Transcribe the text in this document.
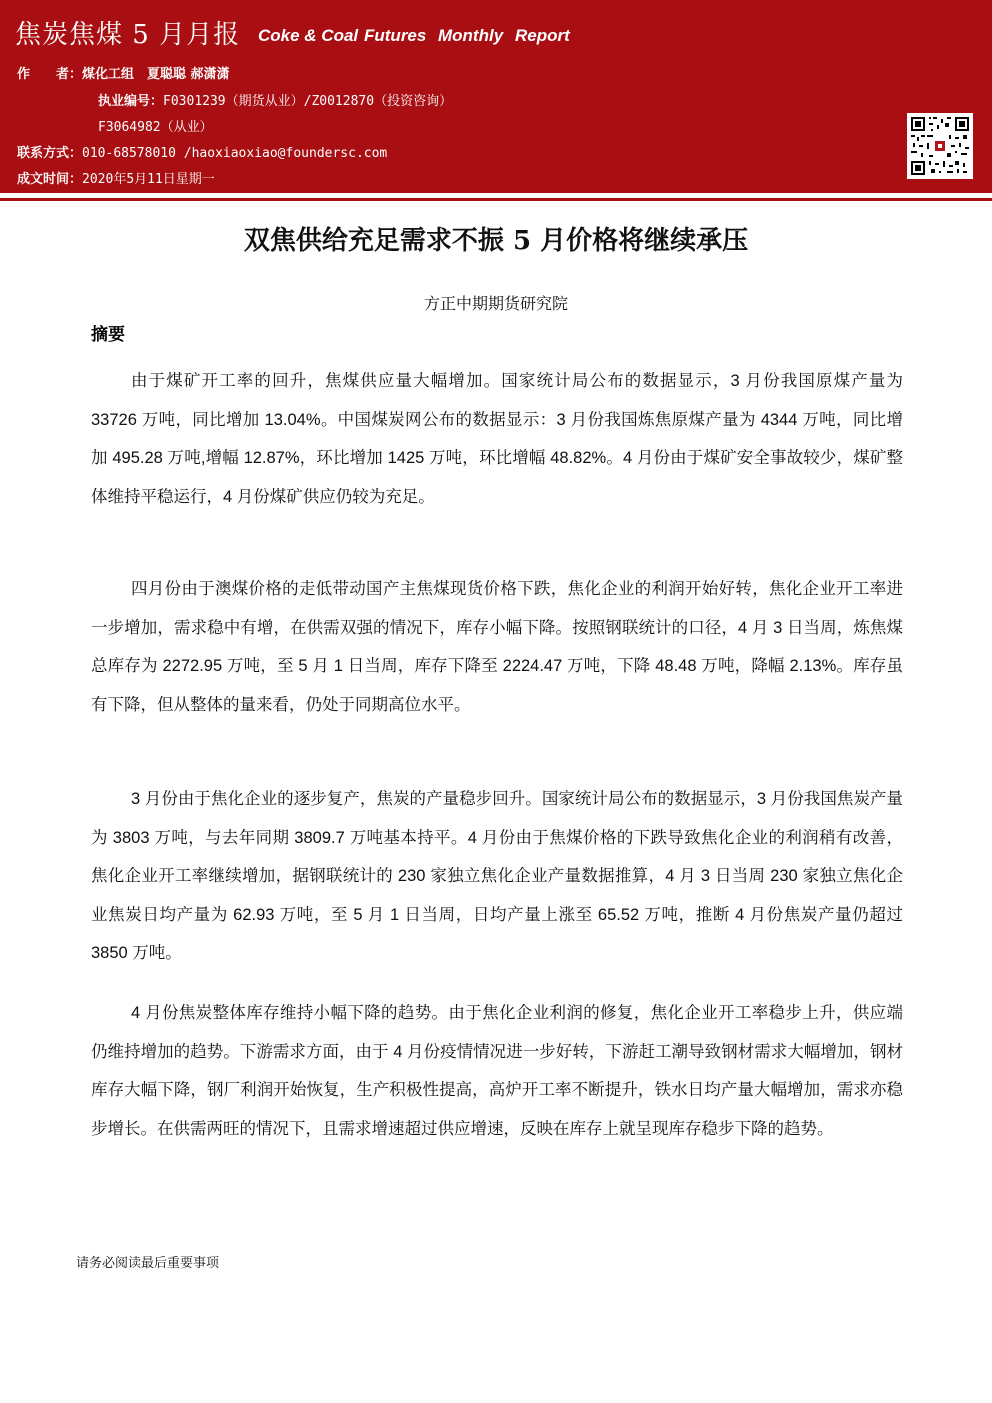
焦炭焦煤 5 月月报 Coke & Coal Futures Monthly Report
作　　者：煤化工组　夏聪聪 郝潇潇
执业编号：F0301239（期货从业）/Z0012870（投资咨询）
F3064982（从业）
联系方式：010-68578010 /haoxiaoxiao@foundersc.com
成文时间：2020年5月11日星期一
双焦供给充足需求不振 5 月价格将继续承压
方正中期期货研究院
摘要

由于煤矿开工率的回升，焦煤供应量大幅增加。国家统计局公布的数据显示，3 月份我国原煤产量为 33726 万吨，同比增加 13.04%。中国煤炭网公布的数据显示：3 月份我国炼焦原煤产量为 4344 万吨，同比增加 495.28 万吨,增幅 12.87%，环比增加 1425 万吨，环比增幅 48.82%。4 月份由于煤矿安全事故较少，煤矿整体维持平稳运行，4 月份煤矿供应仍较为充足。

四月份由于澳煤价格的走低带动国产主焦煤现货价格下跌，焦化企业的利润开始好转，焦化企业开工率进一步增加，需求稳中有增，在供需双强的情况下，库存小幅下降。按照钢联统计的口径，4 月 3 日当周，炼焦煤总库存为 2272.95 万吨，至 5 月 1 日当周，库存下降至 2224.47 万吨，下降 48.48 万吨，降幅 2.13%。库存虽有下降，但从整体的量来看，仍处于同期高位水平。

3 月份由于焦化企业的逐步复产，焦炭的产量稳步回升。国家统计局公布的数据显示，3 月份我国焦炭产量为 3803 万吨，与去年同期 3809.7 万吨基本持平。4 月份由于焦煤价格的下跌导致焦化企业的利润稍有改善，焦化企业开工率继续增加，据钢联统计的 230 家独立焦化企业产量数据推算，4 月 3 日当周 230 家独立焦化企业焦炭日均产量为 62.93 万吨，至 5 月 1 日当周，日均产量上涨至 65.52 万吨，推断 4 月份焦炭产量仍超过 3850 万吨。

4 月份焦炭整体库存维持小幅下降的趋势。由于焦化企业利润的修复，焦化企业开工率稳步上升，供应端仍维持增加的趋势。下游需求方面，由于 4 月份疫情情况进一步好转，下游赶工潮导致钢材需求大幅增加，钢材库存大幅下降，钢厂利润开始恢复，生产积极性提高，高炉开工率不断提升，铁水日均产量大幅增加，需求亦稳步增长。在供需两旺的情况下，且需求增速超过供应增速，反映在库存上就呈现库存稳步下降的趋势。

请务必阅读最后重要事项
